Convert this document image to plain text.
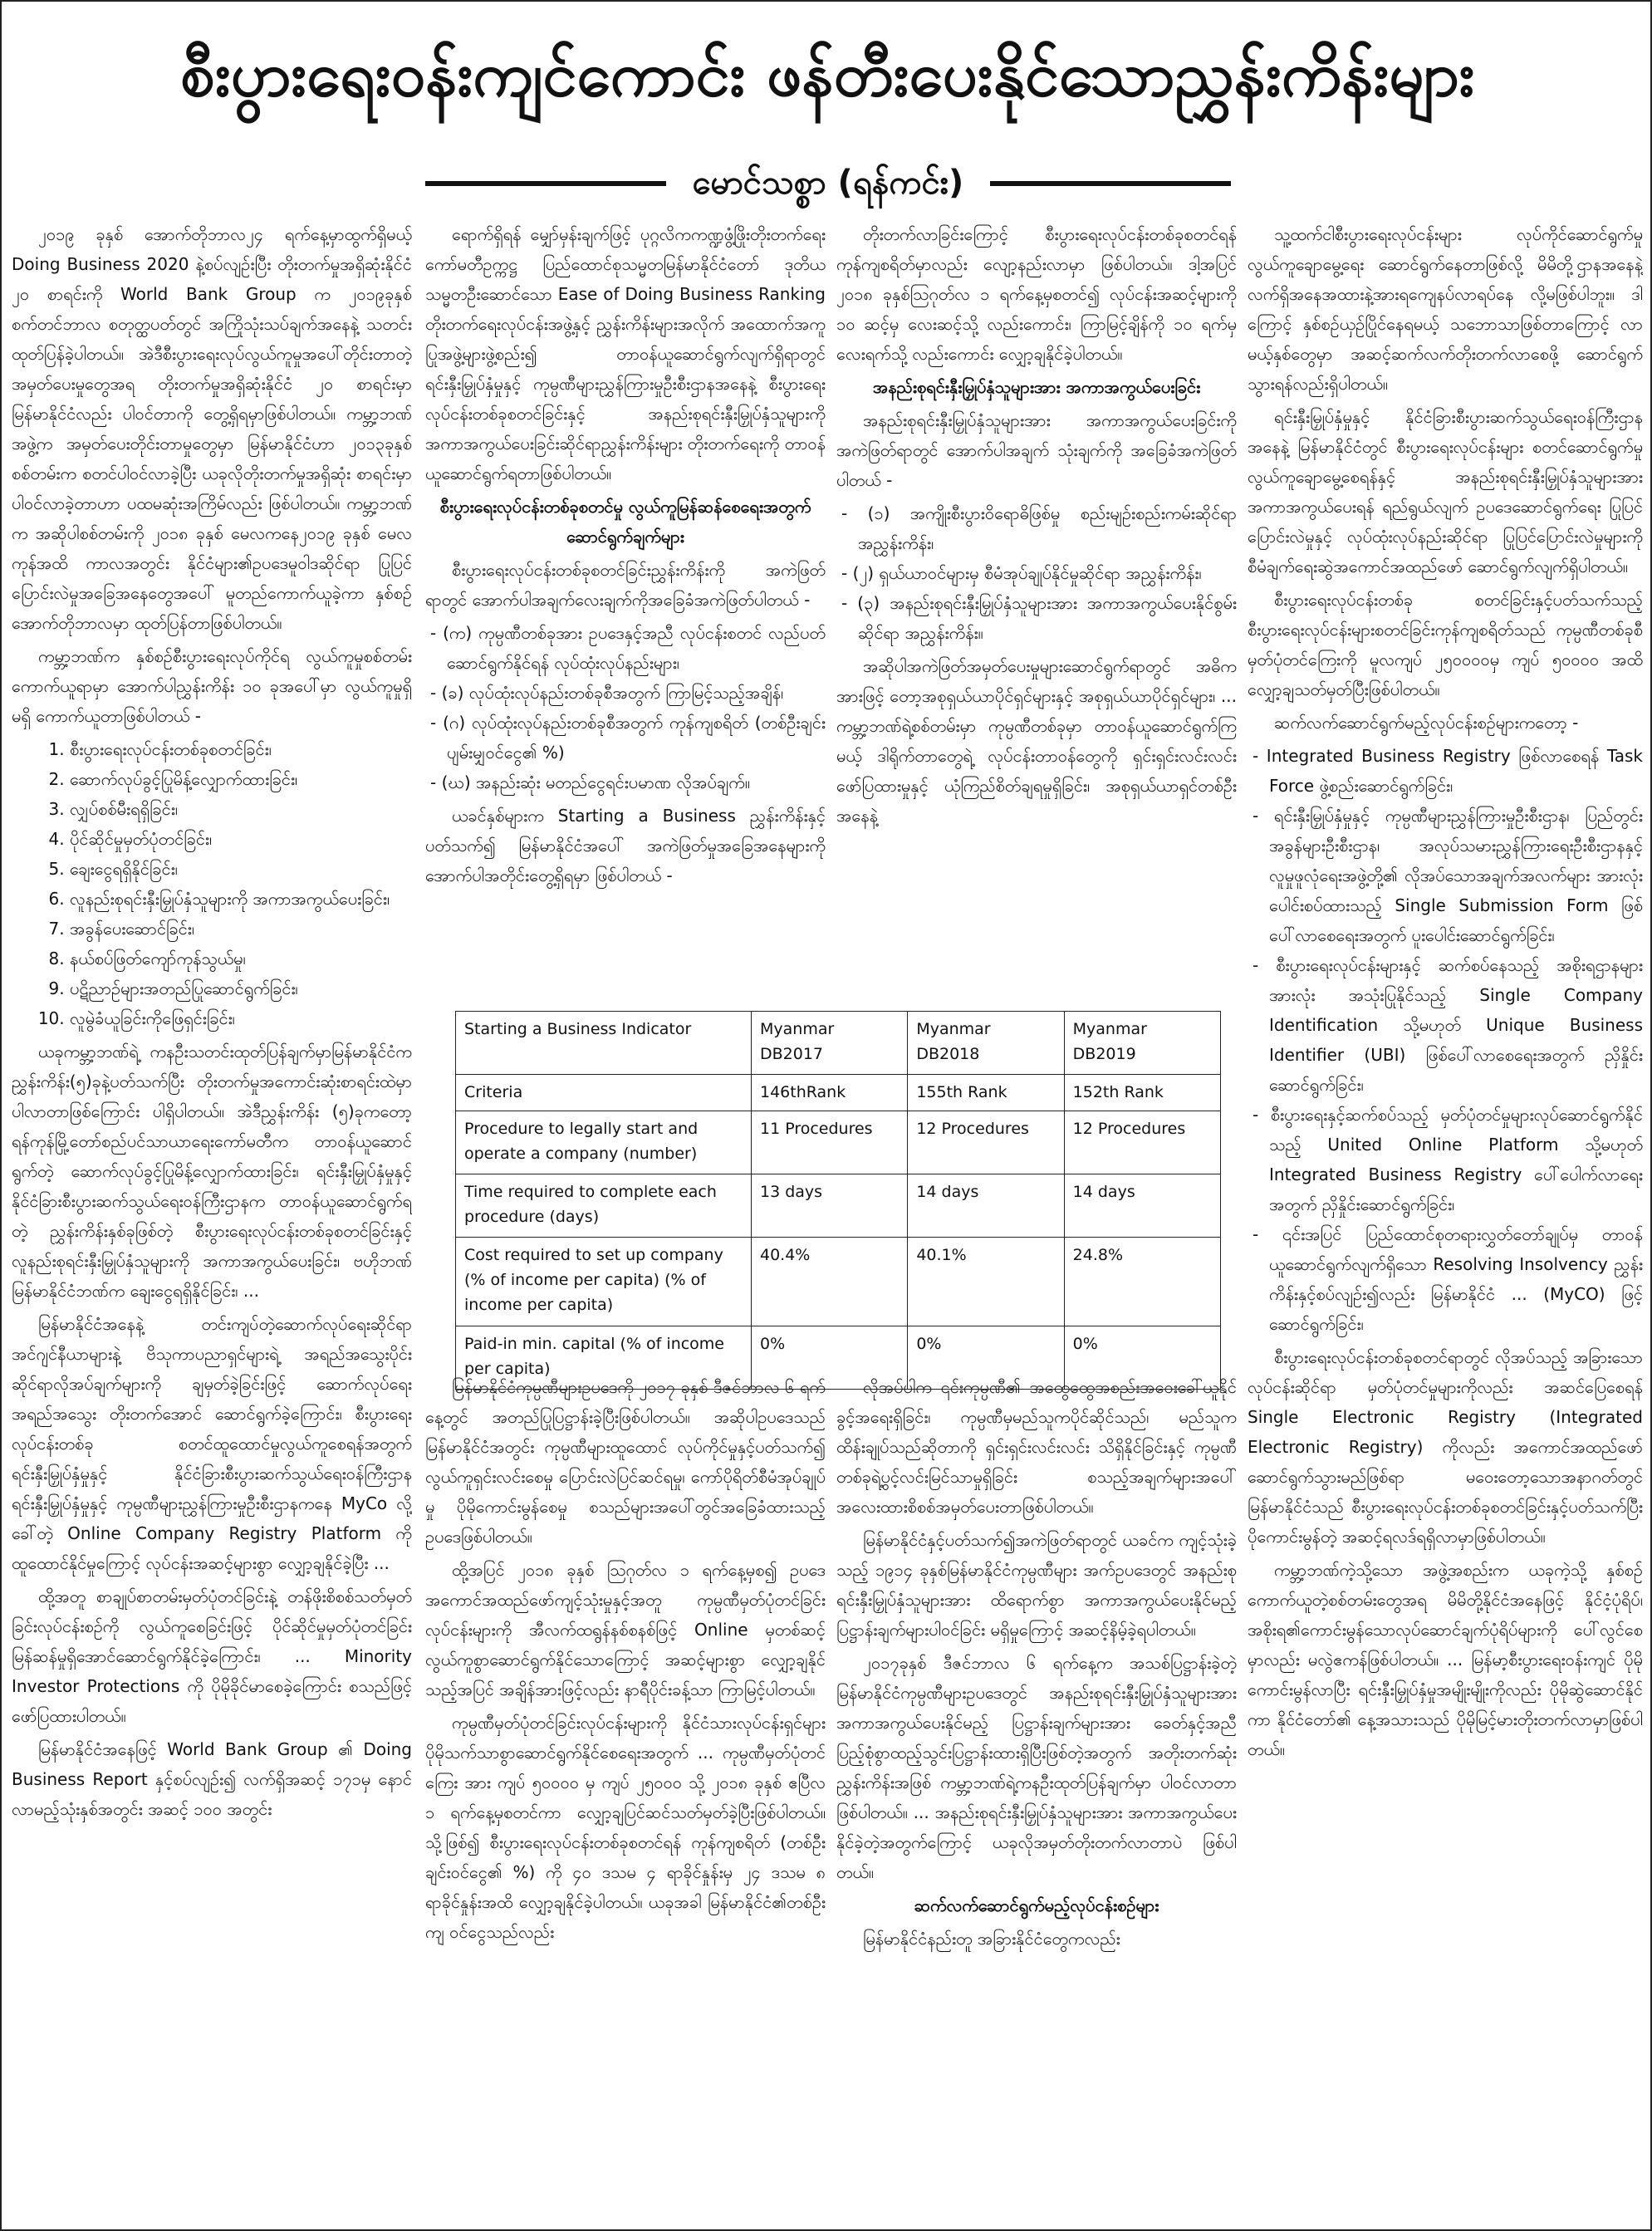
စီးပွားရေးဝန်းကျင်ကောင်း ဖန်တီးပေးနိုင်သောညွှန်းကိန်းများ
မောင်သစ္စာ (ရန်ကင်း)

၂၀၁၉ ခုနှစ် အောက်တိုဘာလ၂၄ ရက်နေ့မှာထွက်ရှိမယ့် Doing Business 2020 နဲ့စပ်လျဉ်းပြီး တိုးတက်မှုအရှိဆုံးနိုင်ငံ ၂၀ စာရင်းကို World Bank Group က ၂၀၁၉ခုနှစ် စက်တင်ဘာလ စတုတ္ထပတ်တွင် အကြိုသုံးသပ်ချက်အနေနဲ့ သတင်းထုတ်ပြန်ခဲ့ပါတယ်။ အဲဒီစီးပွားရေးလုပ်လွယ်ကူမှုအပေါ်တိုင်းတာတဲ့ အမှတ်ပေးမှုတွေအရ တိုးတက်မှုအရှိဆုံးနိုင်ငံ ၂၀ စာရင်းမှာ မြန်မာနိုင်ငံလည်း ပါဝင်တာကို တွေ့ရှိရမှာဖြစ်ပါတယ်။ ကမ္ဘာ့ဘဏ်အဖွဲ့က အမှတ်ပေးတိုင်းတာမှုတွေမှာ မြန်မာနိုင်ငံဟာ ၂၀၁၃ခုနှစ် စစ်တမ်းက စတင်ပါဝင်လာခဲ့ပြီး ယခုလိုတိုးတက်မှုအရှိဆုံး စာရင်းမှာ ပါဝင်လာခဲ့တာဟာ ပထမဆုံးအကြိမ်လည်း ဖြစ်ပါတယ်။ ကမ္ဘာ့ဘဏ်က အဆိုပါစစ်တမ်းကို ၂၀၁၈ ခုနှစ် မေလကနေ၂၀၁၉ ခုနှစ် မေလကုန်အထိ ကာလအတွင်း နိုင်ငံများ၏ဥပဒေမူဝါဒဆိုင်ရာ ပြုပြင်ပြောင်းလဲမှုအခြေအနေတွေအပေါ် မူတည်ကောက်ယူခဲ့ကာ နှစ်စဉ်အောက်တိုဘာလမှာ ထုတ်ပြန်တာဖြစ်ပါတယ်။

ကမ္ဘာ့ဘဏ်က နှစ်စဉ်စီးပွားရေးလုပ်ကိုင်ရ လွယ်ကူမှုစစ်တမ်းကောက်ယူရာမှာ အောက်ပါညွှန်းကိန်း ၁၀ ခုအပေါ်မှာ လွယ်ကူမှုရှိ မရှိ ကောက်ယူတာဖြစ်ပါတယ် -

1. စီးပွားရေးလုပ်ငန်းတစ်ခုစတင်ခြင်း၊
2. ဆောက်လုပ်ခွင့်ပြုမိန့်လျှောက်ထားခြင်း၊
3. လျှပ်စစ်မီးရရှိခြင်း၊
4. ပိုင်ဆိုင်မှုမှတ်ပုံတင်ခြင်း၊
5. ချေးငွေရရှိနိုင်ခြင်း၊
6. လူနည်းစုရင်းနှီးမြှုပ်နှံသူများကို အကာအကွယ်ပေးခြင်း၊
7. အခွန်ပေးဆောင်ခြင်း၊
8. နယ်စပ်ဖြတ်ကျော်ကုန်သွယ်မှု၊
9. ပဋိညာဉ်များအတည်ပြုဆောင်ရွက်ခြင်း၊
10. လူမွဲခံယူခြင်းကိုဖြေရှင်းခြင်း၊

ယခုကမ္ဘာ့ဘဏ်ရဲ့ ကနဦးသတင်းထုတ်ပြန်ချက်မှာမြန်မာနိုင်ငံကညွှန်းကိန်း(၅)ခုနဲ့ပတ်သက်ပြီး တိုးတက်မှုအကောင်းဆုံးစာရင်းထဲမှာ ပါလာတာဖြစ်ကြောင်း ပါရှိပါတယ်။ အဲဒီညွှန်းကိန်း (၅)ခုကတော့ ရန်ကုန်မြို့တော်စည်ပင်သာယာရေးကော်မတီက တာဝန်ယူဆောင်ရွက်တဲ့ ဆောက်လုပ်ခွင့်ပြုမိန့်လျှောက်ထားခြင်း၊ ရင်းနှီးမြှုပ်နှံမှုနှင့် နိုင်ငံခြားစီးပွားဆက်သွယ်ရေးဝန်ကြီးဌာနက တာဝန်ယူဆောင်ရွက်ရတဲ့ ညွှန်းကိန်းနှစ်ခုဖြစ်တဲ့ စီးပွားရေးလုပ်ငန်းတစ်ခုစတင်ခြင်းနှင့် လူနည်းစုရင်းနှီးမြှုပ်နှံသူများကို အကာအကွယ်ပေးခြင်း၊ ဗဟိုဘဏ်မြန်မာနိုင်ငံဘဏ်က ချေးငွေရရှိနိုင်ခြင်း၊ ...

မြန်မာနိုင်ငံအနေနဲ့ တင်းကျပ်တဲ့ဆောက်လုပ်ရေးဆိုင်ရာအင်ဂျင်နီယာများနဲ့ ဗိသုကာပညာရှင်များရဲ့ အရည်အသွေးပိုင်းဆိုင်ရာလိုအပ်ချက်များကို ချမှတ်ခဲ့ခြင်းဖြင့် ဆောက်လုပ်ရေးအရည်အသွေး တိုးတက်အောင် ဆောင်ရွက်ခဲ့ကြောင်း၊ စီးပွားရေးလုပ်ငန်းတစ်ခု စတင်ထူထောင်မှုလွယ်ကူစေရန်အတွက် ရင်းနှီးမြှုပ်နှံမှုနှင့် နိုင်ငံခြားစီးပွားဆက်သွယ်ရေးဝန်ကြီးဌာန ရင်းနှီးမြှုပ်နှံမှုနှင့် ကုမ္ပဏီများညွှန်ကြားမှုဦးစီးဌာနကနေ MyCo လို့ခေါ်တဲ့ Online Company Registry Platform ကိုထူထောင်နိုင်မှုကြောင့် လုပ်ငန်းအဆင့်များစွာ လျှော့ချနိုင်ခဲ့ပြီး ...

ထို့အတူ စာချုပ်စာတမ်းမှတ်ပုံတင်ခြင်းနဲ့ တန်ဖိုးစိစစ်သတ်မှတ်ခြင်းလုပ်ငန်းစဉ်ကို လွယ်ကူစေခြင်းဖြင့် ပိုင်ဆိုင်မှုမှတ်ပုံတင်ခြင်း မြန်ဆန်မှုရှိအောင်ဆောင်ရွက်နိုင်ခဲ့ကြောင်း၊ ... Minority Investor Protections ကို ပိုမိုခိုင်မာစေခဲ့ကြောင်း စသည်ဖြင့်ဖော်ပြထားပါတယ်။

မြန်မာနိုင်ငံအနေဖြင့် World Bank Group ၏ Doing Business Report နှင့်စပ်လျဉ်း၍ လက်ရှိအဆင့် ၁၇၁မှ နောင်လာမည့်သုံးနှစ်အတွင်း အဆင့် ၁၀၀ အတွင်း

ရောက်ရှိရန် မျှော်မှန်းချက်ဖြင့် ပုဂ္ဂလိကကဏ္ဍဖွံ့ဖြိုးတိုးတက်ရေးကော်မတီဥက္ကဋ္ဌ ပြည်ထောင်စုသမ္မတမြန်မာနိုင်ငံတော် ဒုတိယသမ္မတဦးဆောင်သော Ease of Doing Business Ranking တိုးတက်ရေးလုပ်ငန်းအဖွဲ့နှင့် ညွှန်းကိန်းများအလိုက် အထောက်အကူပြုအဖွဲ့များဖွဲ့စည်း၍ တာဝန်ယူဆောင်ရွက်လျက်ရှိရာတွင် ရင်းနှီးမြှုပ်နှံမှုနှင့် ကုမ္ပဏီများညွှန်ကြားမှုဦးစီးဌာနအနေနဲ့ စီးပွားရေးလုပ်ငန်းတစ်ခုစတင်ခြင်းနှင့် အနည်းစုရင်းနှီးမြှုပ်နှံသူများကို အကာအကွယ်ပေးခြင်းဆိုင်ရာညွှန်းကိန်းများ တိုးတက်ရေးကို တာဝန်ယူဆောင်ရွက်ရတာဖြစ်ပါတယ်။

စီးပွားရေးလုပ်ငန်းတစ်ခုစတင်မှု လွယ်ကူမြန်ဆန်စေရေးအတွက် ဆောင်ရွက်ချက်များ

စီးပွားရေးလုပ်ငန်းတစ်ခုစတင်ခြင်းညွှန်းကိန်းကို အကဲဖြတ်ရာတွင် အောက်ပါအချက်လေးချက်ကိုအခြေခံအကဲဖြတ်ပါတယ် -

- (က) ကုမ္ပဏီတစ်ခုအား ဥပဒေနှင့်အညီ လုပ်ငန်းစတင် လည်ပတ်ဆောင်ရွက်နိုင်ရန် လုပ်ထုံးလုပ်နည်းများ၊
- (ခ) လုပ်ထုံးလုပ်နည်းတစ်ခုစီအတွက် ကြာမြင့်သည့်အချိန်၊
- (ဂ) လုပ်ထုံးလုပ်နည်းတစ်ခုစီအတွက် ကုန်ကျစရိတ် (တစ်ဦးချင်းပျမ်းမျှဝင်ငွေ၏ %)
- (ဃ) အနည်းဆုံး မတည်ငွေရင်းပမာဏ လိုအပ်ချက်။

ယခင်နှစ်များက Starting a Business ညွှန်းကိန်းနှင့်ပတ်သက်၍ မြန်မာနိုင်ငံအပေါ် အကဲဖြတ်မှုအခြေအနေများကို အောက်ပါအတိုင်းတွေ့ရှိရမှာ ဖြစ်ပါတယ် -

တိုးတက်လာခြင်းကြောင့် စီးပွားရေးလုပ်ငန်းတစ်ခုစတင်ရန် ကုန်ကျစရိတ်မှာလည်း လျော့နည်းလာမှာ ဖြစ်ပါတယ်။ ဒါ့အပြင် ၂၀၁၈ ခုနှစ်ဩဂုတ်လ ၁ ရက်နေ့မှစတင်၍ လုပ်ငန်းအဆင့်များကို ၁၀ ဆင့်မှ လေးဆင့်သို့ လည်းကောင်း၊ ကြာမြင့်ချိန်ကို ၁၀ ရက်မှ လေးရက်သို့ လည်းကောင်း လျှော့ချနိုင်ခဲ့ပါတယ်။

အနည်းစုရင်းနှီးမြှုပ်နှံသူများအား အကာအကွယ်ပေးခြင်း

အနည်းစုရင်းနှီးမြှုပ်နှံသူများအား အကာအကွယ်ပေးခြင်းကို အကဲဖြတ်ရာတွင် အောက်ပါအချက် သုံးချက်ကို အခြေခံအကဲဖြတ်ပါတယ် -

- (၁) အကျိုးစီးပွားဝိရောဓိဖြစ်မှု စည်းမျဉ်းစည်းကမ်းဆိုင်ရာ အညွှန်းကိန်း၊
- (၂) ရှယ်ယာဝင်များမှ စီမံအုပ်ချုပ်နိုင်မှုဆိုင်ရာ အညွှန်းကိန်း၊
- (၃) အနည်းစုရင်းနှီးမြှုပ်နှံသူများအား အကာအကွယ်ပေးနိုင်စွမ်းဆိုင်ရာ အညွှန်းကိန်း။

အဆိုပါအကဲဖြတ်အမှတ်ပေးမှုများဆောင်ရွက်ရာတွင် အဓိကအားဖြင့် တော့အစုရှယ်ယာပိုင်ရှင်များနှင့် အစုရှယ်ယာပိုင်ရှင်များ၊ ... ကမ္ဘာ့ဘဏ်ရဲ့စစ်တမ်းမှာ ကုမ္ပဏီတစ်ခုမှာ တာဝန်ယူဆောင်ရွက်ကြမယ့် ဒါရိုက်တာတွေရဲ့ လုပ်ငန်းတာဝန်တွေကို ရှင်းရှင်းလင်းလင်းဖော်ပြထားမှုနှင့် ယုံကြည်စိတ်ချရမှုရှိခြင်း၊ အစုရှယ်ယာရှင်တစ်ဦးအနေနဲ့

Starting a Business Indicator	Myanmar DB2017	Myanmar DB2018	Myanmar DB2019
Criteria	146thRank	155th Rank	152th Rank
Procedure to legally start and operate a company (number)	11 Procedures	12 Procedures	12 Procedures
Time required to complete each procedure (days)	13 days	14 days	14 days
Cost required to set up company (% of income per capita) (% of income per capita)	40.4%	40.1%	24.8%
Paid-in min. capital (% of income per capita)	0%	0%	0%

မြန်မာနိုင်ငံကုမ္ပဏီများဥပဒေကို ၂၀၁၇ ခုနှစ် ဒီဇင်ဘာလ ၆ ရက်နေ့တွင် အတည်ပြုပြဋ္ဌာန်းခဲ့ပြီးဖြစ်ပါတယ်။ အဆိုပါဥပဒေသည် မြန်မာနိုင်ငံအတွင်း ကုမ္ပဏီများထူထောင် လုပ်ကိုင်မှုနှင့်ပတ်သက်၍ လွယ်ကူရှင်းလင်းစေမှု ပြောင်းလဲပြင်ဆင်ရမှု၊ ကော်ပိုရိတ်စီမံအုပ်ချုပ်မှု ပိုမိုကောင်းမွန်စေမှု စသည်များအပေါ်တွင်အခြေခံထားသည့် ဥပဒေဖြစ်ပါတယ်။

ထို့အပြင် ၂၀၁၈ ခုနှစ် ဩဂုတ်လ ၁ ရက်နေ့မှစ၍ ဥပဒေအကောင်အထည်ဖော်ကျင့်သုံးမှုနှင့်အတူ ကုမ္ပဏီမှတ်ပုံတင်ခြင်းလုပ်ငန်းများကို အီလက်ထရွန်နစ်စနစ်ဖြင့် Online မှတစ်ဆင့် လွယ်ကူစွာဆောင်ရွက်နိုင်သောကြောင့် အဆင့်များစွာ လျှော့ချနိုင်သည့်အပြင် အချိန်အားဖြင့်လည်း နာရီပိုင်းခန့်သာ ကြာမြင့်ပါတယ်။

ကုမ္ပဏီမှတ်ပုံတင်ခြင်းလုပ်ငန်းများကို နိုင်ငံသားလုပ်ငန်းရှင်များ ပိုမိုသက်သာစွာဆောင်ရွက်နိုင်စေရေးအတွက် ... ကုမ္ပဏီမှတ်ပုံတင်ကြေး အား ကျပ် ၅၀၀၀၀ မှ ကျပ် ၂၅၀၀၀ သို့ ၂၀၁၈ ခုနှစ် ဧပြီလ ၁ ရက်နေ့မှစတင်ကာ လျှော့ချပြင်ဆင်သတ်မှတ်ခဲ့ပြီးဖြစ်ပါတယ်။ သို့ဖြစ်၍ စီးပွားရေးလုပ်ငန်းတစ်ခုစတင်ရန် ကုန်ကျစရိတ် (တစ်ဦးချင်းဝင်ငွေ၏ %) ကို ၄၀ ဒသမ ၄ ရာခိုင်နှုန်းမှ ၂၄ ဒသမ ၈ ရာခိုင်နှုန်းအထိ လျှော့ချနိုင်ခဲ့ပါတယ်။ ယခုအခါ မြန်မာနိုင်ငံ၏တစ်ဦးကျ ဝင်ငွေသည်လည်း

လိုအပ်ပါက ၎င်းကုမ္ပဏီ၏ အထွေထွေအစည်းအဝေးခေါ်ယူနိုင်ခွင့်အရေးရှိခြင်း၊ ကုမ္ပဏီမှမည်သူကပိုင်ဆိုင်သည်၊ မည်သူကထိန်းချုပ်သည်ဆိုတာကို ရှင်းရှင်းလင်းလင်း သိရှိနိုင်ခြင်းနှင့် ကုမ္ပဏီတစ်ခုရဲ့ပွင့်လင်းမြင်သာမှုရှိခြင်း စသည့်အချက်များအပေါ် အလေးထားစိစစ်အမှတ်ပေးတာဖြစ်ပါတယ်။

မြန်မာနိုင်ငံနှင့်ပတ်သက်၍အကဲဖြတ်ရာတွင် ယခင်က ကျင့်သုံးခဲ့သည့် ၁၉၁၄ ခုနှစ်မြန်မာနိုင်ငံကုမ္ပဏီများ အက်ဥပဒေတွင် အနည်းစုရင်းနှီးမြှုပ်နှံသူများအား ထိရောက်စွာ အကာအကွယ်ပေးနိုင်မည့် ပြဋ္ဌာန်းချက်များပါဝင်ခြင်း မရှိမှုကြောင့် အဆင့်နိမ့်ခဲ့ရပါတယ်။

၂၀၁၇ခုနှစ် ဒီဇင်ဘာလ ၆ ရက်နေ့က အသစ်ပြဋ္ဌာန်းခဲ့တဲ့ မြန်မာနိုင်ငံကုမ္ပဏီများဥပဒေတွင် အနည်းစုရင်းနှီးမြှုပ်နှံသူများအား အကာအကွယ်ပေးနိုင်မည့် ပြဋ္ဌာန်းချက်များအား ခေတ်နှင့်အညီ ပြည့်စုံစွာထည့်သွင်းပြဋ္ဌာန်းထားရှိပြီးဖြစ်တဲ့အတွက် အတိုးတက်ဆုံးညွှန်းကိန်းအဖြစ် ကမ္ဘာ့ဘဏ်ရဲ့ကနဦးထုတ်ပြန်ချက်မှာ ပါဝင်လာတာဖြစ်ပါတယ်။ ... အနည်းစုရင်းနှီးမြှုပ်နှံသူများအား အကာအကွယ်ပေးနိုင်ခဲ့တဲ့အတွက်ကြောင့် ယခုလိုအမှတ်တိုးတက်လာတာပဲ ဖြစ်ပါတယ်။

ဆက်လက်ဆောင်ရွက်မည့်လုပ်ငန်းစဉ်များ

မြန်မာနိုင်ငံနည်းတူ အခြားနိုင်ငံတွေကလည်း

သူ့ထက်ငါစီးပွားရေးလုပ်ငန်းများ လုပ်ကိုင်ဆောင်ရွက်မှု လွယ်ကူချောမွေ့ရေး ဆောင်ရွက်နေတာဖြစ်လို့ မိမိတို့ဌာနအနေနဲ့ လက်ရှိအနေအထားနဲ့အားရကျေနပ်လာရပ်နေ လို့မဖြစ်ပါဘူး။ ဒါကြောင့် နှစ်စဉ်ယှဉ်ပြိုင်နေရမယ့် သဘောသာဖြစ်တာကြောင့် လာမယ့်နှစ်တွေမှာ အဆင့်ဆက်လက်တိုးတက်လာစေဖို့ ဆောင်ရွက်သွားရန်လည်းရှိပါတယ်။

ရင်းနှီးမြှုပ်နှံမှုနှင့် နိုင်ငံခြားစီးပွားဆက်သွယ်ရေးဝန်ကြီးဌာနအနေနဲ့ မြန်မာနိုင်ငံတွင် စီးပွားရေးလုပ်ငန်းများ စတင်ဆောင်ရွက်မှု လွယ်ကူချောမွေ့စေရန်နှင့် အနည်းစုရင်းနှီးမြှုပ်နှံသူများအား အကာအကွယ်ပေးရန် ရည်ရွယ်လျက် ဥပဒေဆောင်ရွက်ရေး ပြုပြင်ပြောင်းလဲမှုနှင့် လုပ်ထုံးလုပ်နည်းဆိုင်ရာ ပြုပြင်ပြောင်းလဲမှုများကို စီမံချက်ရေးဆွဲအကောင်အထည်ဖော် ဆောင်ရွက်လျက်ရှိပါတယ်။

စီးပွားရေးလုပ်ငန်းတစ်ခု စတင်ခြင်းနှင့်ပတ်သက်သည့် စီးပွားရေးလုပ်ငန်းများစတင်ခြင်းကုန်ကျစရိတ်သည် ကုမ္ပဏီတစ်ခုစီ မှတ်ပုံတင်ကြေးကို မူလကျပ် ၂၅၀၀၀၀မှ ကျပ် ၅၀၀၀၀ အထိ လျှော့ချသတ်မှတ်ပြီးဖြစ်ပါတယ်။

ဆက်လက်ဆောင်ရွက်မည့်လုပ်ငန်းစဉ်များကတော့ -

- Integrated Business Registry ဖြစ်လာစေရန် Task Force ဖွဲ့စည်းဆောင်ရွက်ခြင်း၊
- ရင်းနှီးမြှုပ်နှံမှုနှင့် ကုမ္ပဏီများညွှန်ကြားမှုဦးစီးဌာန၊ ပြည်တွင်းအခွန်များဦးစီးဌာန၊ အလုပ်သမားညွှန်ကြားရေးဦးစီးဌာနနှင့် လူမှုဖူလုံရေးအဖွဲ့တို့၏ လိုအပ်သောအချက်အလက်များ အားလုံးပေါင်းစပ်ထားသည့် Single Submission Form ဖြစ်ပေါ်လာစေရေးအတွက် ပူးပေါင်းဆောင်ရွက်ခြင်း၊
- စီးပွားရေးလုပ်ငန်းများနှင့် ဆက်စပ်နေသည့် အစိုးရဌာနများအားလုံး အသုံးပြုနိုင်သည့် Single Company Identification သို့မဟုတ် Unique Business Identifier (UBI) ဖြစ်ပေါ်လာစေရေးအတွက် ညှိနှိုင်းဆောင်ရွက်ခြင်း၊
- စီးပွားရေးနှင့်ဆက်စပ်သည့် မှတ်ပုံတင်မှုများလုပ်ဆောင်ရွက်နိုင်သည့် United Online Platform သို့မဟုတ် Integrated Business Registry ပေါ်ပေါက်လာရေးအတွက် ညှိနှိုင်းဆောင်ရွက်ခြင်း၊
- ၎င်းအပြင် ပြည်ထောင်စုတရားလွှတ်တော်ချုပ်မှ တာဝန်ယူဆောင်ရွက်လျက်ရှိသော Resolving Insolvency ညွှန်းကိန်းနှင့်စပ်လျဉ်း၍လည်း မြန်မာနိုင်ငံ ... (MyCO) ဖြင့်ဆောင်ရွက်ခြင်း၊

စီးပွားရေးလုပ်ငန်းတစ်ခုစတင်ရာတွင် လိုအပ်သည့် အခြားသောလုပ်ငန်းဆိုင်ရာ မှတ်ပုံတင်မှုများကိုလည်း အဆင်ပြေစေရန် Single Electronic Registry (Integrated Electronic Registry) ကိုလည်း အကောင်အထည်ဖော်ဆောင်ရွက်သွားမည်ဖြစ်ရာ မဝေးတော့သောအနာဂတ်တွင် မြန်မာနိုင်ငံသည် စီးပွားရေးလုပ်ငန်းတစ်ခုစတင်ခြင်းနှင့်ပတ်သက်ပြီး ပိုကောင်းမွန်တဲ့ အဆင့်ရလဒ်ရရှိလာမှာဖြစ်ပါတယ်။

ကမ္ဘာ့ဘဏ်ကဲ့သို့သော အဖွဲ့အစည်းက ယခုကဲ့သို့ နှစ်စဉ်ကောက်ယူတဲ့စစ်တမ်းတွေအရ မိမိတို့နိုင်ငံအနေဖြင့် နိုင်ငံ့ပုံရိပ်၊ အစိုးရ၏ကောင်းမွန်သောလုပ်ဆောင်ချက်ပုံရိပ်များကို ပေါ်လွင်စေမှာလည်း မလွဲဧကန်ဖြစ်ပါတယ်။ ... မြန်မာ့စီးပွားရေးဝန်းကျင် ပိုမိုကောင်းမွန်လာပြီး ရင်းနှီးမြှုပ်နှံမှုအမျိုးမျိုးကိုလည်း ပိုမိုဆွဲဆောင်နိုင်ကာ နိုင်ငံတော်၏ နေ့အသားသည် ပိုမိုမြင့်မားတိုးတက်လာမှာဖြစ်ပါတယ်။
